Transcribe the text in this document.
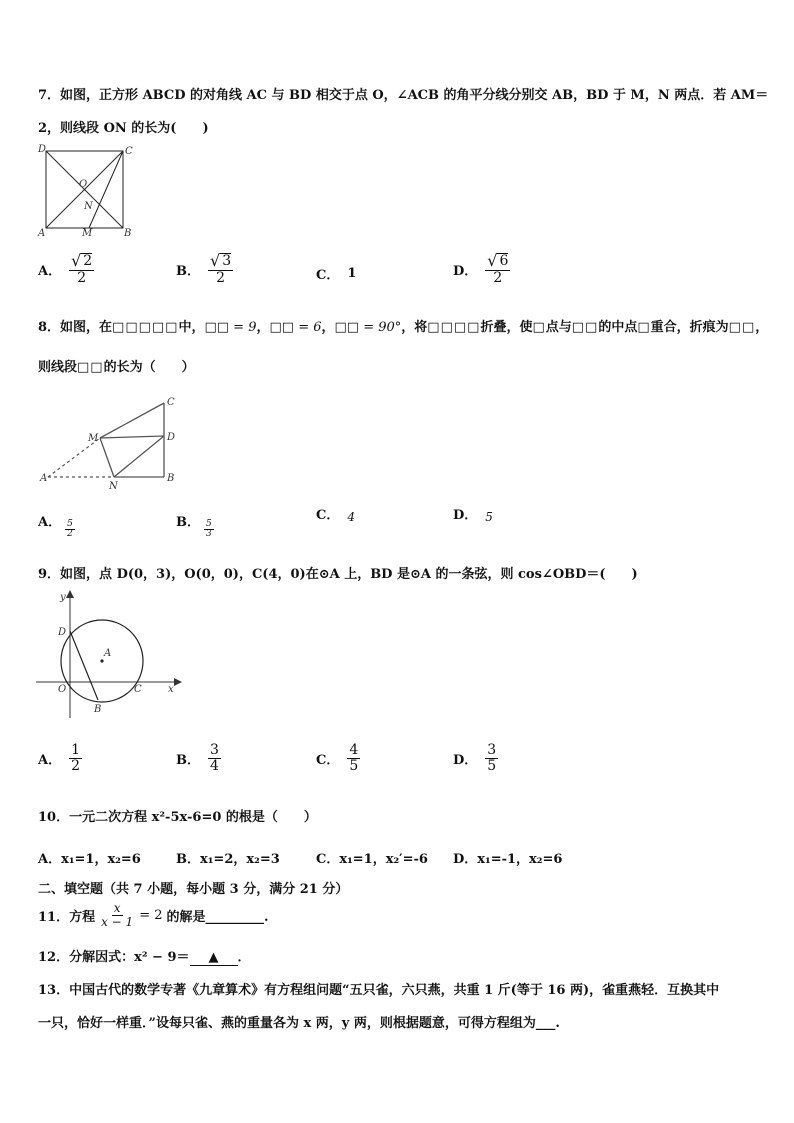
7．如图，正方形 ABCD 的对角线 AC 与 BD 相交于点 O，∠ACB 的角平分线分别交 AB，BD 于 M，N 两点．若 AM＝
2，则线段 ON 的长为(　　)
D	C
O
N
A	M	B
A． $\frac{√ 2}{2}$	B． $\frac{√ 3}{2}$	C． 1	D． $\frac{√ 6}{2}$
8．如图，在□□□□□中，□□ = 9，□□ = 6，□□ = 90°，将□□□□折叠，使□点与□□的中点□重合，折痕为□□，
则线段□□的长为（　　）
C
M	D
A
N
B
A． $\frac{5}{2}$	B． $\frac{5}{3}$
C． 4	D． 5
9．如图，点 D(0，3)，O(0，0)，C(4，0)在⊙A 上，BD 是⊙A 的一条弦，则 cos∠OBD＝(　　)
y
D
A
O	C	x
B
A． $\frac{1}{2}$	B． $\frac{3}{4}$	C． $\frac{4}{5}$	D． $\frac{3}{5}$
10．一元二次方程 x²-5x-6=0 的根是（　　）
A．x₁=1，x₂=6	B．x₁=2，x₂=3	C．x₁=1，x₂′=-6 D．x₁=-1，x₂=6
二、填空题（共 7 小题，每小题 3 分，满分 21 分）
11．方程 $\frac{x}{x - 1} = 2$ 的解是_________.
12．分解因式：x² − 9＝ ▲ ．
13．中国古代的数学专著《九章算术》有方程组问题“五只雀，六只燕，共重 1 斤(等于 16 两)，雀重燕轻．互换其中
一只，恰好一样重．”设每只雀、燕的重量各为 x 两，y 两，则根据题意，可得方程组为___.
